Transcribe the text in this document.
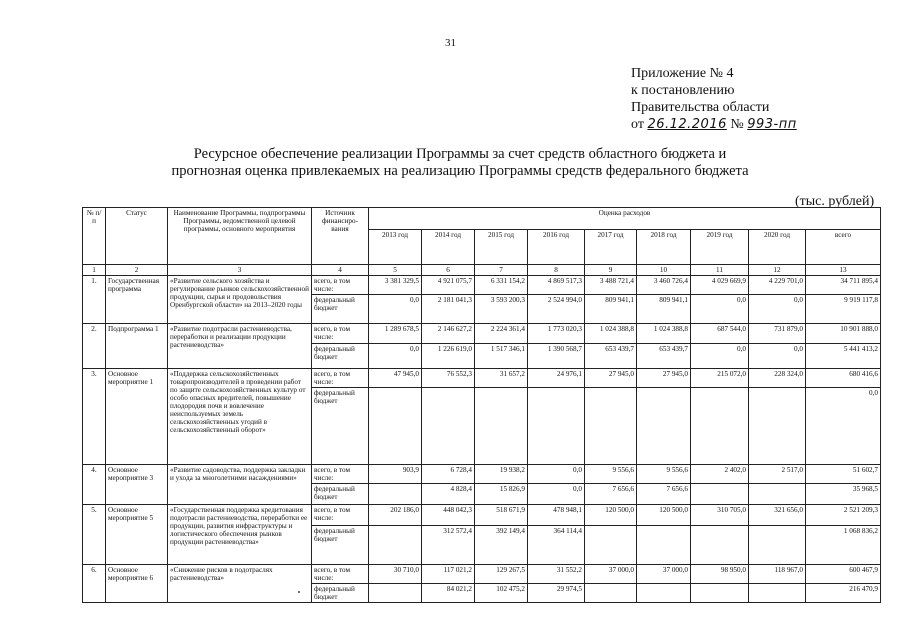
31
Приложение № 4
к постановлению
Правительства области
от 26.12.2016 № 993-пп
Ресурсное обеспечение реализации Программы за счет средств областного бюджета и
прогнозная оценка привлекаемых на реализацию Программы средств федерального бюджета
(тыс. рублей)
№ п/п	Статус	Наименование Программы, подпрограммы Программы, ведомственной целевой программы, основного мероприятия	Источник финансиро-вания	Оценка расходов								
				2013 год	2014 год	2015 год	2016 год	2017 год	2018 год	2019 год	2020 год	всего
1	2	3	4	5	6	7	8	9	10	11	12	13
1.	Государственная программа	«Развитие сельского хозяйства и регулирование рынков сельскохозяйственной продукции, сырья и продовольствия Оренбургской области» на 2013–2020 годы	всего, в том числе:	3 381 329,5	4 921 075,7	6 331 154,2	4 869 517,3	3 488 721,4	3 460 726,4	4 029 669,9	4 229 701,0	34 711 895,4
			федеральный бюджет	0,0	2 181 041,3	3 593 200,3	2 524 994,0	809 941,1	809 941,1	0,0	0,0	9 919 117,8
2.	Подпрограмма 1	«Развитие подотрасли растениеводства, переработки и реализации продукции растениеводства»	всего, в том числе:	1 289 678,5	2 146 627,2	2 224 361,4	1 773 020,3	1 024 388,8	1 024 388,8	687 544,0	731 879,0	10 901 888,0
			федеральный бюджет	0,0	1 226 619,0	1 517 346,1	1 390 568,7	653 439,7	653 439,7	0,0	0,0	5 441 413,2
3.	Основное мероприятие 1	«Поддержка сельскохозяйственных товаропроизводителей в проведении работ по защите сельскохозяйственных культур от особо опасных вредителей, повышение плодородия почв и вовлечение неиспользуемых земель сельскохозяйственных угодий в сельскохозяйственный оборот»	всего, в том числе:	47 945,0	76 552,3	31 657,2	24 976,1	27 945,0	27 945,0	215 072,0	228 324,0	680 416,6
			федеральный бюджет									0,0
4.	Основное мероприятие 3	«Развитие садоводства, поддержка закладки и ухода за многолетними насаждениями»	всего, в том числе:	903,9	6 728,4	19 938,2	0,0	9 556,6	9 556,6	2 402,0	2 517,0	51 602,7
			федеральный бюджет		4 828,4	15 826,9	0,0	7 656,6	7 656,6			35 968,5
5.	Основное мероприятие 5	«Государственная поддержка кредитования подотрасли растениеводства, переработки ее продукции, развития инфраструктуры и логистического обеспечения рынков продукции растениеводства»	всего, в том числе:	202 186,0	448 042,3	518 671,9	478 948,1	120 500,0	120 500,0	310 705,0	321 656,0	2 521 209,3
			федеральный бюджет		312 572,4	392 149,4	364 114,4					1 068 836,2
6.	Основное мероприятие 6	«Снижение рисков в подотраслях растениеводства»	всего, в том числе:	30 710,0	117 021,2	129 267,5	31 552,2	37 000,0	37 000,0	98 950,0	118 967,0	600 467,9
			федеральный бюджет		84 021,2	102 475,2	29 974,5					216 470,9
